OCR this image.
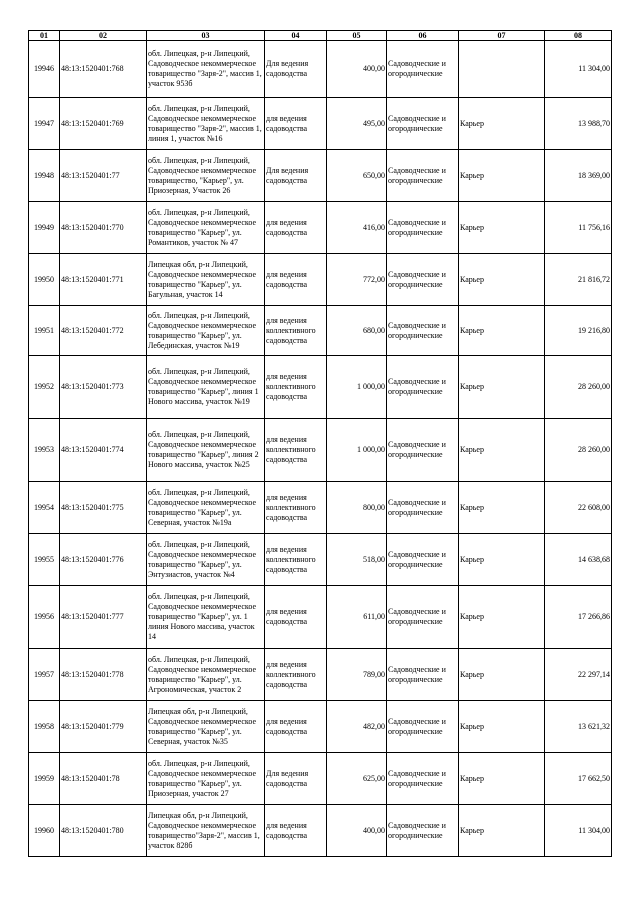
01	02	03	04	05	06	07	08
19946	48:13:1520401:768	обл. Липецкая, р-н Липецкий, Садоводческое некоммерческое товарищество "Заря-2", массив 1, участок 953б	Для ведения садоводства	400,00	Садоводческие и огороднические		11 304,00
19947	48:13:1520401:769	обл. Липецкая, р-н Липецкий, Садоводческое некоммерческое товарищество "Заря-2", массив 1, линия 1, участок №16	для ведения садоводства	495,00	Садоводческие и огороднические	Карьер	13 988,70
19948	48:13:1520401:77	обл. Липецкая, р-н Липецкий, Садоводческое некоммерческое товарищество, "Карьер", ул. Приозерная, Участок 26	Для ведения садоводства	650,00	Садоводческие и огороднические	Карьер	18 369,00
19949	48:13:1520401:770	обл. Липецкая, р-н Липецкий, Садоводческое некоммерческое товарищество "Карьер", ул. Романтиков, участок № 47	для ведения садоводства	416,00	Садоводческие и огороднические	Карьер	11 756,16
19950	48:13:1520401:771	Липецкая обл, р-н Липецкий, Садоводческое некоммерческое товарищество "Карьер", ул. Багульная, участок 14	для ведения садоводства	772,00	Садоводческие и огороднические	Карьер	21 816,72
19951	48:13:1520401:772	обл. Липецкая, р-н Липецкий, Садоводческое некоммерческое товарищество "Карьер", ул. Лебединская, участок №19	для ведения коллективного садоводства	680,00	Садоводческие и огороднические	Карьер	19 216,80
19952	48:13:1520401:773	обл. Липецкая, р-н Липецкий, Садоводческое некоммерческое товарищество "Карьер", линия 1 Нового массива, участок №19	для ведения коллективного садоводства	1 000,00	Садоводческие и огороднические	Карьер	28 260,00
19953	48:13:1520401:774	обл. Липецкая, р-н Липецкий, Садоводческое некоммерческое товарищество "Карьер", линия 2 Нового массива, участок №25	для ведения коллективного садоводства	1 000,00	Садоводческие и огороднические	Карьер	28 260,00
19954	48:13:1520401:775	обл. Липецкая, р-н Липецкий, Садоводческое некоммерческое товарищество "Карьер", ул. Северная, участок №19а	для ведения коллективного садоводства	800,00	Садоводческие и огороднические	Карьер	22 608,00
19955	48:13:1520401:776	обл. Липецкая, р-н Липецкий, Садоводческое некоммерческое товарищество "Карьер", ул. Энтузиастов, участок №4	для ведения коллективного садоводства	518,00	Садоводческие и огороднические	Карьер	14 638,68
19956	48:13:1520401:777	обл. Липецкая, р-н Липецкий, Садоводческое некоммерческое товарищество "Карьер", ул. 1 линия Нового массива, участок 14	для ведения садоводства	611,00	Садоводческие и огороднические	Карьер	17 266,86
19957	48:13:1520401:778	обл. Липецкая, р-н Липецкий, Садоводческое некоммерческое товарищество "Карьер", ул. Агрономическая, участок 2	для ведения коллективного садоводства	789,00	Садоводческие и огороднические	Карьер	22 297,14
19958	48:13:1520401:779	Липецкая обл, р-н Липецкий, Садоводческое некоммерческое товарищество "Карьер", ул. Северная, участок №35	для ведения садоводства	482,00	Садоводческие и огороднические	Карьер	13 621,32
19959	48:13:1520401:78	обл. Липецкая, р-н Липецкий, Садоводческое некоммерческое товарищество "Карьер", ул. Приозерная, участок 27	Для ведения садоводства	625,00	Садоводческие и огороднические	Карьер	17 662,50
19960	48:13:1520401:780	Липецкая обл, р-н Липецкий, Садоводческое некоммерческое товарищество"Заря-2", массив 1, участок 828б	для ведения садоводства	400,00	Садоводческие и огороднические	Карьер	11 304,00
